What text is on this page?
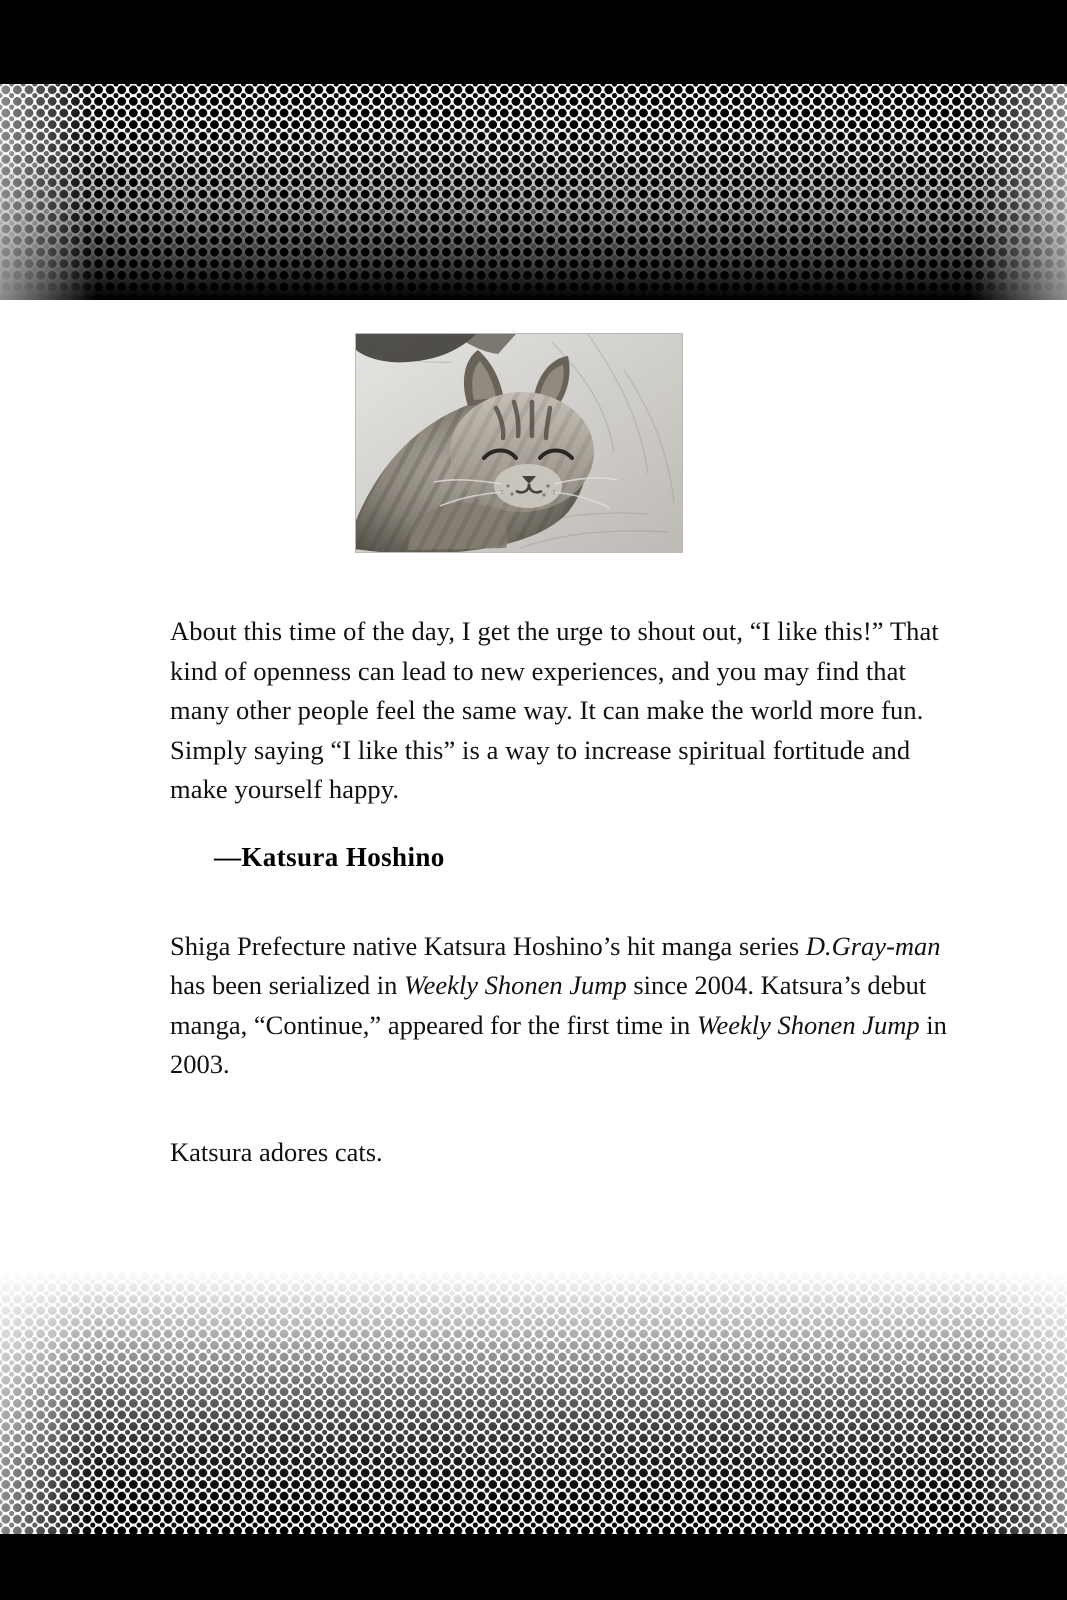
About this time of the day, I get the urge to shout out, “I like this!” That kind of openness can lead to new experiences, and you may find that many other people feel the same way. It can make the world more fun. Simply saying “I like this” is a way to increase spiritual fortitude and make yourself happy.

—Katsura Hoshino

Shiga Prefecture native Katsura Hoshino’s hit manga series D.Gray-man has been serialized in Weekly Shonen Jump since 2004. Katsura’s debut manga, “Continue,” appeared for the first time in Weekly Shonen Jump in 2003.

Katsura adores cats.
